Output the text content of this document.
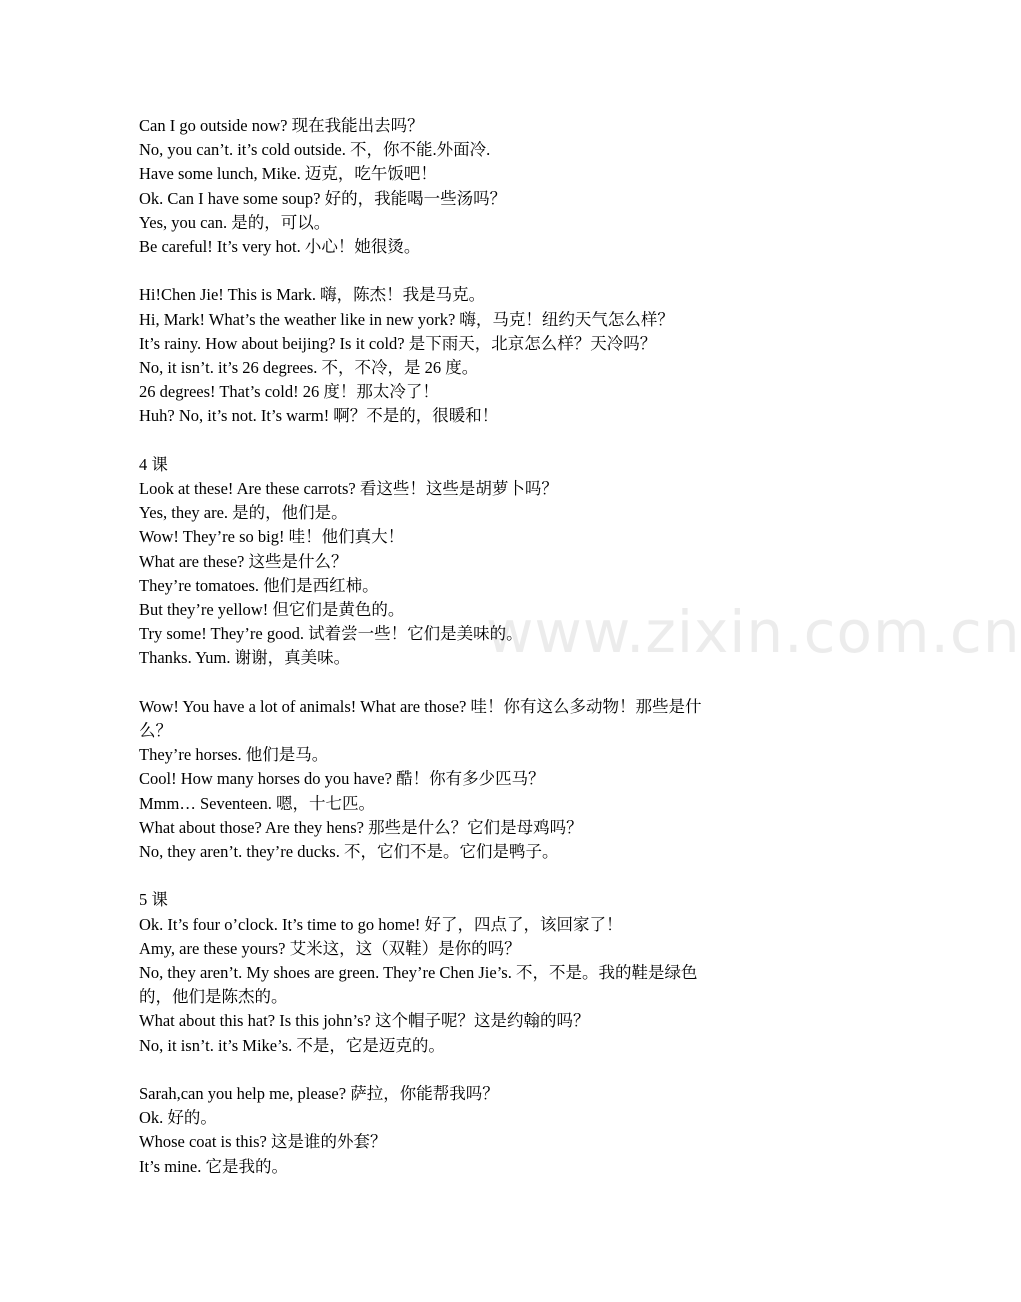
www.zixin.com.cn
Can I go outside now? 现在我能出去吗？
No, you can’t. it’s cold outside. 不，你不能.外面冷.
Have some lunch, Mike. 迈克，吃午饭吧！
Ok. Can I have some soup? 好的，我能喝一些汤吗？
Yes, you can. 是的，可以。
Be careful! It’s very hot. 小心！她很烫。
Hi!Chen Jie! This is Mark. 嗨，陈杰！我是马克。
Hi, Mark! What’s the weather like in new york? 嗨，马克！纽约天气怎么样？
It’s rainy. How about beijing? Is it cold? 是下雨天，北京怎么样？天冷吗？
No, it isn’t. it’s 26 degrees. 不，不冷，是 26 度。
26 degrees! That’s cold! 26 度！那太冷了！
Huh? No, it’s not. It’s warm! 啊？不是的，很暖和！
4 课
Look at these! Are these carrots? 看这些！这些是胡萝卜吗？
Yes, they are. 是的，他们是。
Wow! They’re so big! 哇！他们真大！
What are these? 这些是什么？
They’re tomatoes. 他们是西红柿。
But they’re yellow! 但它们是黄色的。
Try some! They’re good. 试着尝一些！它们是美味的。
Thanks. Yum. 谢谢，真美味。
Wow! You have a lot of animals! What are those? 哇！你有这么多动物！那些是什
么？
They’re horses. 他们是马。
Cool! How many horses do you have? 酷！你有多少匹马？
Mmm… Seventeen. 嗯，十七匹。
What about those? Are they hens? 那些是什么？它们是母鸡吗？
No, they aren’t. they’re ducks. 不，它们不是。它们是鸭子。
5 课
Ok. It’s four o’clock. It’s time to go home! 好了，四点了，该回家了！
Amy, are these yours? 艾米这，这（双鞋）是你的吗？
No, they aren’t. My shoes are green. They’re Chen Jie’s. 不，不是。我的鞋是绿色
的，他们是陈杰的。
What about this hat? Is this john’s? 这个帽子呢？这是约翰的吗？
No, it isn’t. it’s Mike’s. 不是，它是迈克的。
Sarah,can you help me, please? 萨拉，你能帮我吗？
Ok. 好的。
Whose coat is this? 这是谁的外套？
It’s mine. 它是我的。
